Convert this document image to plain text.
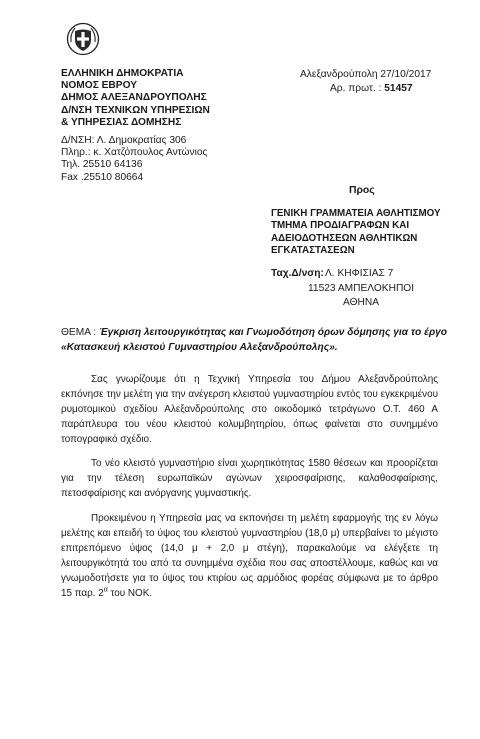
ΕΛΛΗΝΙΚΗ ΔΗΜΟΚΡΑΤΙΑ
ΝΟΜΟΣ ΕΒΡΟΥ
ΔΗΜΟΣ ΑΛΕΞΑΝΔΡΟΥΠΟΛΗΣ
Δ/ΝΣΗ ΤΕΧΝΙΚΩΝ ΥΠΗΡΕΣΙΩΝ
& ΥΠΗΡΕΣΙΑΣ ΔΟΜΗΣΗΣ
Δ/ΝΣΗ: Λ. Δημοκρατίας 306
Πληρ.: κ. Χατζόπουλος Αντώνιος
Τηλ. 25510 64136
Fax .25510 80664
Αλεξανδρούπολη 27/10/2017
Αρ. πρωτ. : 51457
Προς
ΓΕΝΙΚΗ ΓΡΑΜΜΑΤΕΙΑ ΑΘΛΗΤΙΣΜΟΥ
ΤΜΗΜΑ ΠΡΟΔΙΑΓΡΑΦΩΝ ΚΑΙ
ΑΔΕΙΟΔΟΤΗΣΕΩΝ ΑΘΛΗΤΙΚΩΝ
ΕΓΚΑΤΑΣΤΑΣΕΩΝ
Ταχ.Δ/νση: Λ. ΚΗΦΙΣΙΑΣ 7
11523 ΑΜΠΕΛΟΚΗΠΟΙ
ΑΘΗΝΑ
ΘΕΜΑ : Έγκριση λειτουργικότητας και Γνωμοδότηση όρων δόμησης για το έργο
«Κατασκευή κλειστού Γυμναστηρίου Αλεξανδρούπολης».
Σας γνωρίζουμε ότι η Τεχνική Υπηρεσία του Δήμου Αλεξανδρούπολης εκπόνησε την μελέτη για την ανέγερση κλειστού γυμναστηρίου εντός του εγκεκριμένου ρυμοτομικού σχεδίου Αλεξανδρούπολης στο οικοδομικό τετράγωνο Ο.Τ. 460 Α παράπλευρα του νέου κλειστού κολυμβητηρίου, όπως φαίνεται στο συνημμένο τοπογραφικό σχέδιο.
Το νέο κλειστό γυμναστήριο είναι χωρητικότητας 1580 θέσεων και προορίζεται για την τέλεση ευρωπαϊκών αγώνων χειροσφαίρισης, καλαθοσφαίρισης, πετοσφαίρισης και ανόργανης γυμναστικής.
Προκειμένου η Υπηρεσία μας να εκπονήσει τη μελέτη εφαρμογής της εν λόγω μελέτης και επειδή το ύψος του κλειστού γυμναστηρίου (18,0 μ) υπερβαίνει το μέγιστο επιτρεπόμενο ύψος (14,0 μ + 2,0 μ στέγη), παρακαλούμε να ελέγξετε τη λειτουργικότητά του από τα συνημμένα σχέδια που σας αποστέλλουμε, καθώς και να γνωμοδοτήσετε για το ύψος του κτιρίου ως αρμόδιος φορέας σύμφωνα με το άρθρο 15 παρ. $2^\alpha$ του ΝΟΚ.
